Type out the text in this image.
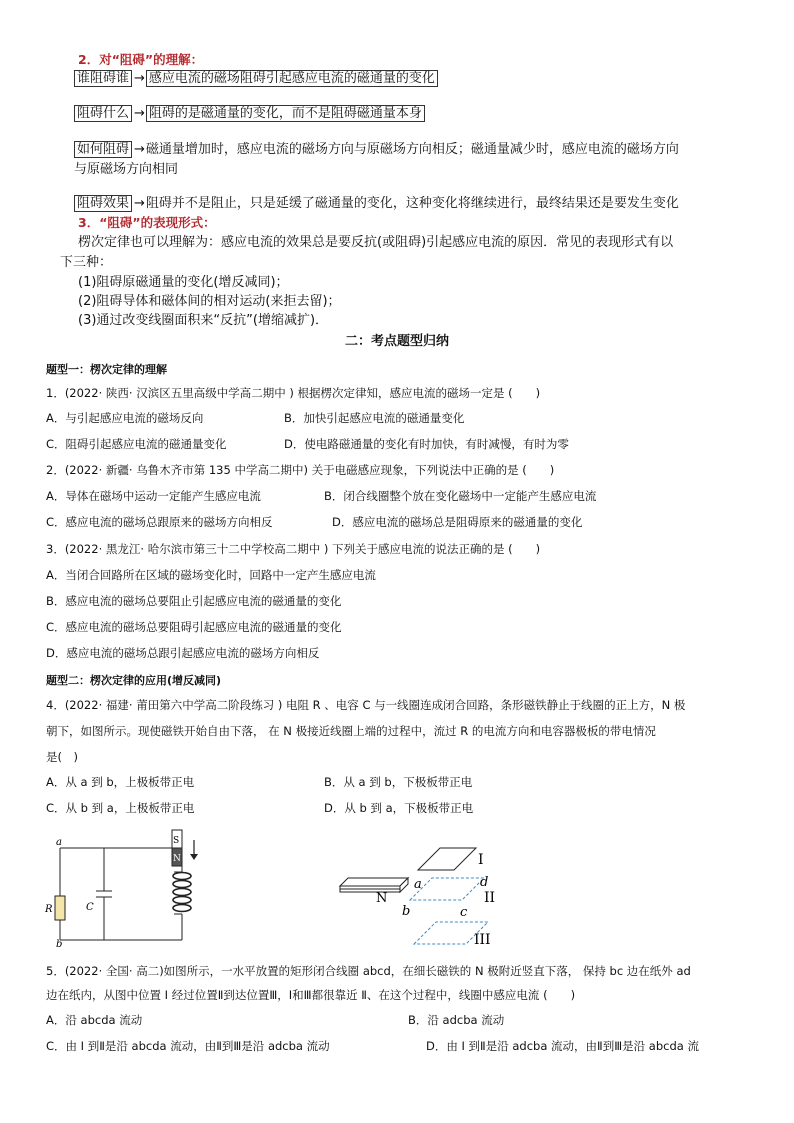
2．对“阻碍”的理解：
谁阻碍谁 → 感应电流的磁场阻碍引起感应电流的磁通量的变化
阻碍什么 → 阻碍的是磁通量的变化，而不是阻碍磁通量本身
如何阻碍 →磁通量增加时，感应电流的磁场方向与原磁场方向相反；磁通量减少时，感应电流的磁场方向
与原磁场方向相同
阻碍效果 →阻碍并不是阻止，只是延缓了磁通量的变化，这种变化将继续进行，最终结果还是要发生变化
3．“阻碍”的表现形式：
楞次定律也可以理解为：感应电流的效果总是要反抗(或阻碍)引起感应电流的原因．常见的表现形式有以
下三种：
(1)阻碍原磁通量的变化(增反减同)；
(2)阻碍导体和磁体间的相对运动(来拒去留)；
(3)通过改变线圈面积来“反抗”(增缩减扩)．
二：考点题型归纳
题型一：楞次定律的理解
1．(2022· 陕西· 汉滨区五里高级中学高二期中 ) 根据楞次定律知，感应电流的磁场一定是 (　　)
A．与引起感应电流的磁场反向	B．加快引起感应电流的磁通量变化
C．阻碍引起感应电流的磁通量变化	D．使电路磁通量的变化有时加快，有时减慢，有时为零
2．(2022· 新疆· 乌鲁木齐市第 135 中学高二期中) 关于电磁感应现象，下列说法中正确的是 (　　)
A．导体在磁场中运动一定能产生感应电流	B．闭合线圈整个放在变化磁场中一定能产生感应电流
C．感应电流的磁场总跟原来的磁场方向相反	D．感应电流的磁场总是阻碍原来的磁通量的变化
3．(2022· 黑龙江· 哈尔滨市第三十二中学校高二期中 ) 下列关于感应电流的说法正确的是 (　　)
A．当闭合回路所在区域的磁场变化时，回路中一定产生感应电流
B．感应电流的磁场总要阻止引起感应电流的磁通量的变化
C．感应电流的磁场总要阻碍引起感应电流的磁通量的变化
D．感应电流的磁场总跟引起感应电流的磁场方向相反
题型二：楞次定律的应用(增反减同)
4．(2022· 福建· 莆田第六中学高二阶段练习 ) 电阻 R 、电容 C 与一线圈连成闭合回路，条形磁铁静止于线圈的正上方，N 极
朝下，如图所示。现使磁铁开始自由下落， 在 N 极接近线圈上端的过程中，流过 R 的电流方向和电容器极板的带电情况
是(　)
A．从 a 到 b，上极板带正电	B．从 a 到 b，下极板带正电
C．从 b 到 a，上极板带正电	D．从 b 到 a，下极板带正电
a
b
R	C
S
N
N
I
II
III
a
b	c
d
5．(2022· 全国· 高二)如图所示，一水平放置的矩形闭合线圈 abcd，在细长磁铁的 N 极附近竖直下落， 保持 bc 边在纸外 ad
边在纸内，从图中位置 Ⅰ 经过位置Ⅱ到达位置Ⅲ，Ⅰ和Ⅲ都很靠近 Ⅱ、在这个过程中，线圈中感应电流 (　　)
A．沿 abcda 流动	B．沿 adcba 流动
C．由 Ⅰ 到Ⅱ是沿 abcda 流动，由Ⅱ到Ⅲ是沿 adcba 流动	D．由 Ⅰ 到Ⅱ是沿 adcba 流动，由Ⅱ到Ⅲ是沿 abcda 流
